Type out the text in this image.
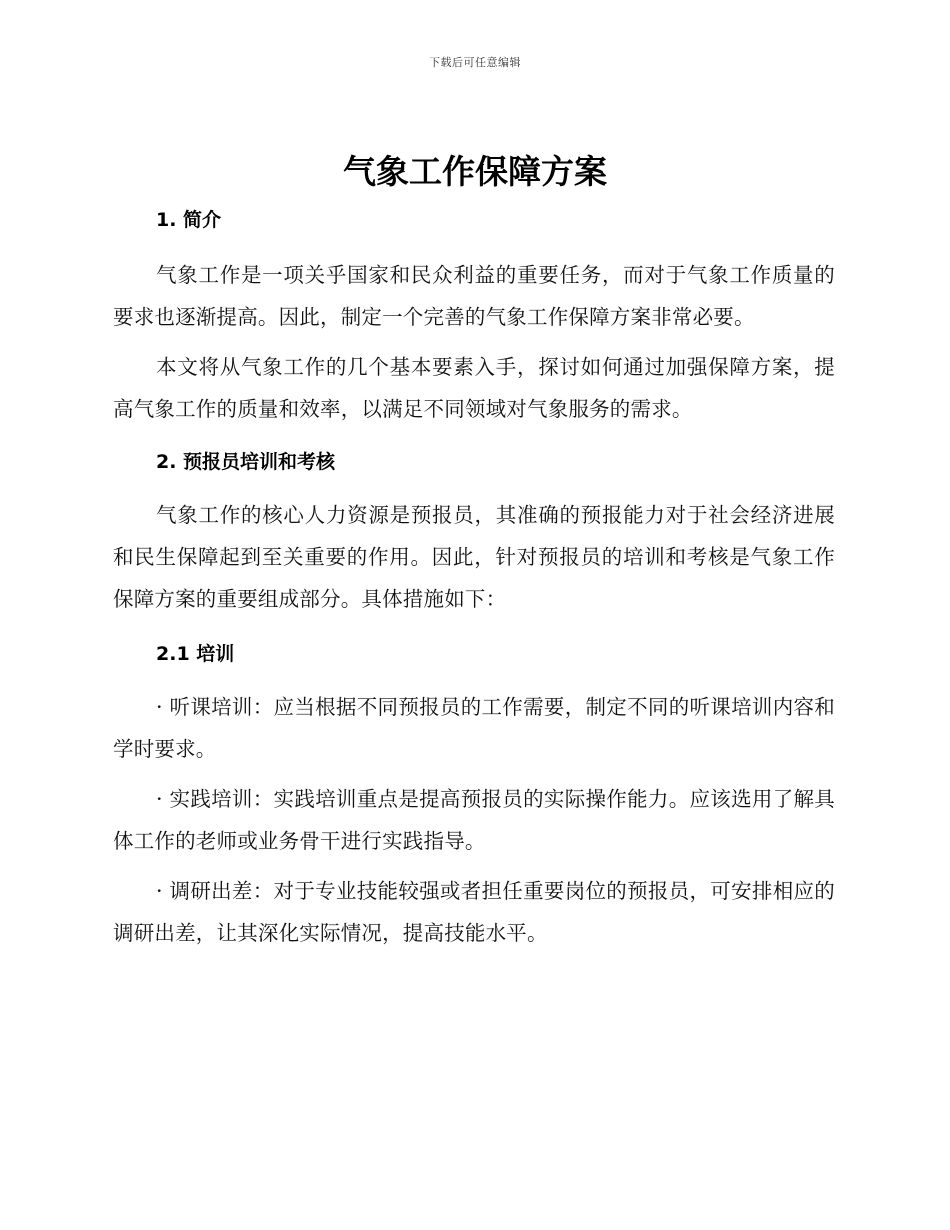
下载后可任意编辑
气象工作保障方案
1. 简介

气象工作是一项关乎国家和民众利益的重要任务，而对于气象工作质量的要求也逐渐提高。因此，制定一个完善的气象工作保障方案非常必要。

本文将从气象工作的几个基本要素入手，探讨如何通过加强保障方案，提高气象工作的质量和效率，以满足不同领域对气象服务的需求。

2. 预报员培训和考核

气象工作的核心人力资源是预报员，其准确的预报能力对于社会经济进展和民生保障起到至关重要的作用。因此，针对预报员的培训和考核是气象工作保障方案的重要组成部分。具体措施如下：

2.1 培训

· 听课培训：应当根据不同预报员的工作需要，制定不同的听课培训内容和学时要求。

· 实践培训：实践培训重点是提高预报员的实际操作能力。应该选用了解具体工作的老师或业务骨干进行实践指导。

· 调研出差：对于专业技能较强或者担任重要岗位的预报员，可安排相应的调研出差，让其深化实际情况，提高技能水平。
